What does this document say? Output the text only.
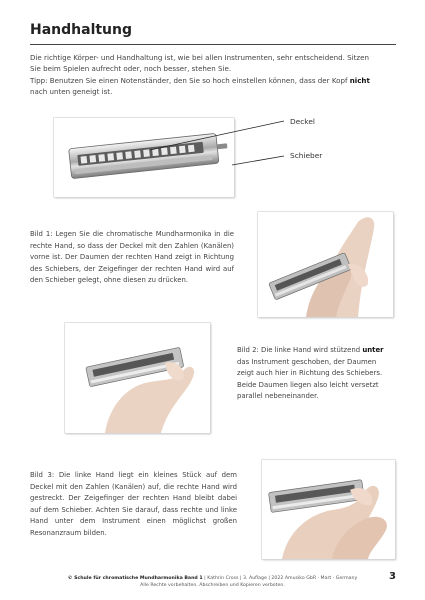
Handhaltung

Die richtige Körper- und Handhaltung ist, wie bei allen Instrumenten, sehr entscheidend. Sitzen

Sie beim Spielen aufrecht oder, noch besser, stehen Sie.

Tipp: Benutzen Sie einen Notenständer, den Sie so hoch einstellen können, dass der Kopf nicht

nach unten geneigt ist.

Deckel
Schieber
Bild 1: Legen Sie die chromatische Mundharmonika in die rechte Hand, so dass der Deckel mit den Zahlen (Kanälen) vorne ist. Der Daumen der rechten Hand zeigt in Richtung des Schiebers, der Zeigefinger der rechten Hand wird auf den Schieber gelegt, ohne diesen zu drücken.
Bild 2: Die linke Hand wird stützend unter das Instrument geschoben, der Daumen zeigt auch hier in Richtung des Schiebers. Beide Daumen liegen also leicht versetzt parallel nebeneinander.
Bild 3: Die linke Hand liegt ein kleines Stück auf dem Deckel mit den Zahlen (Kanälen) auf, die rechte Hand wird gestreckt. Der Zeigefinger der rechten Hand bleibt dabei auf dem Schieber. Achten Sie darauf, dass rechte und linke Hand unter dem Instrument einen möglichst großen Resonanzraum bilden.
© Schule für chromatische Mundharmonika Band 1 | Kathrin Cross | 3. Auflage | 2022 Amusiko GbR · Mart · Germany
Alle Rechte vorbehalten. Abschreiben und Kopieren verboten.
3
